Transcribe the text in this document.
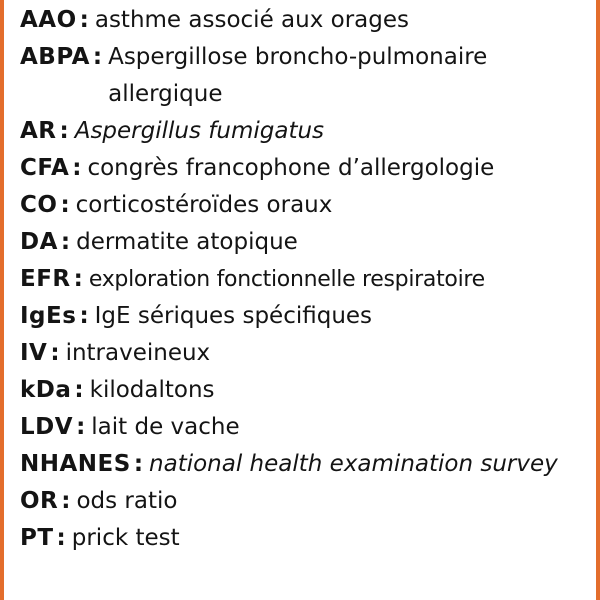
AAO : asthme associé aux orages
ABPA : Aspergillose broncho-pulmonaire allergique
AR : Aspergillus fumigatus
CFA : congrès francophone d’allergologie
CO : corticostéroïdes oraux
DA : dermatite atopique
EFR : exploration fonctionnelle respiratoire
IgEs : IgE sériques spécifiques
IV : intraveineux
kDa : kilodaltons
LDV : lait de vache
NHANES : national health examination survey
OR : ods ratio
PT : prick test
